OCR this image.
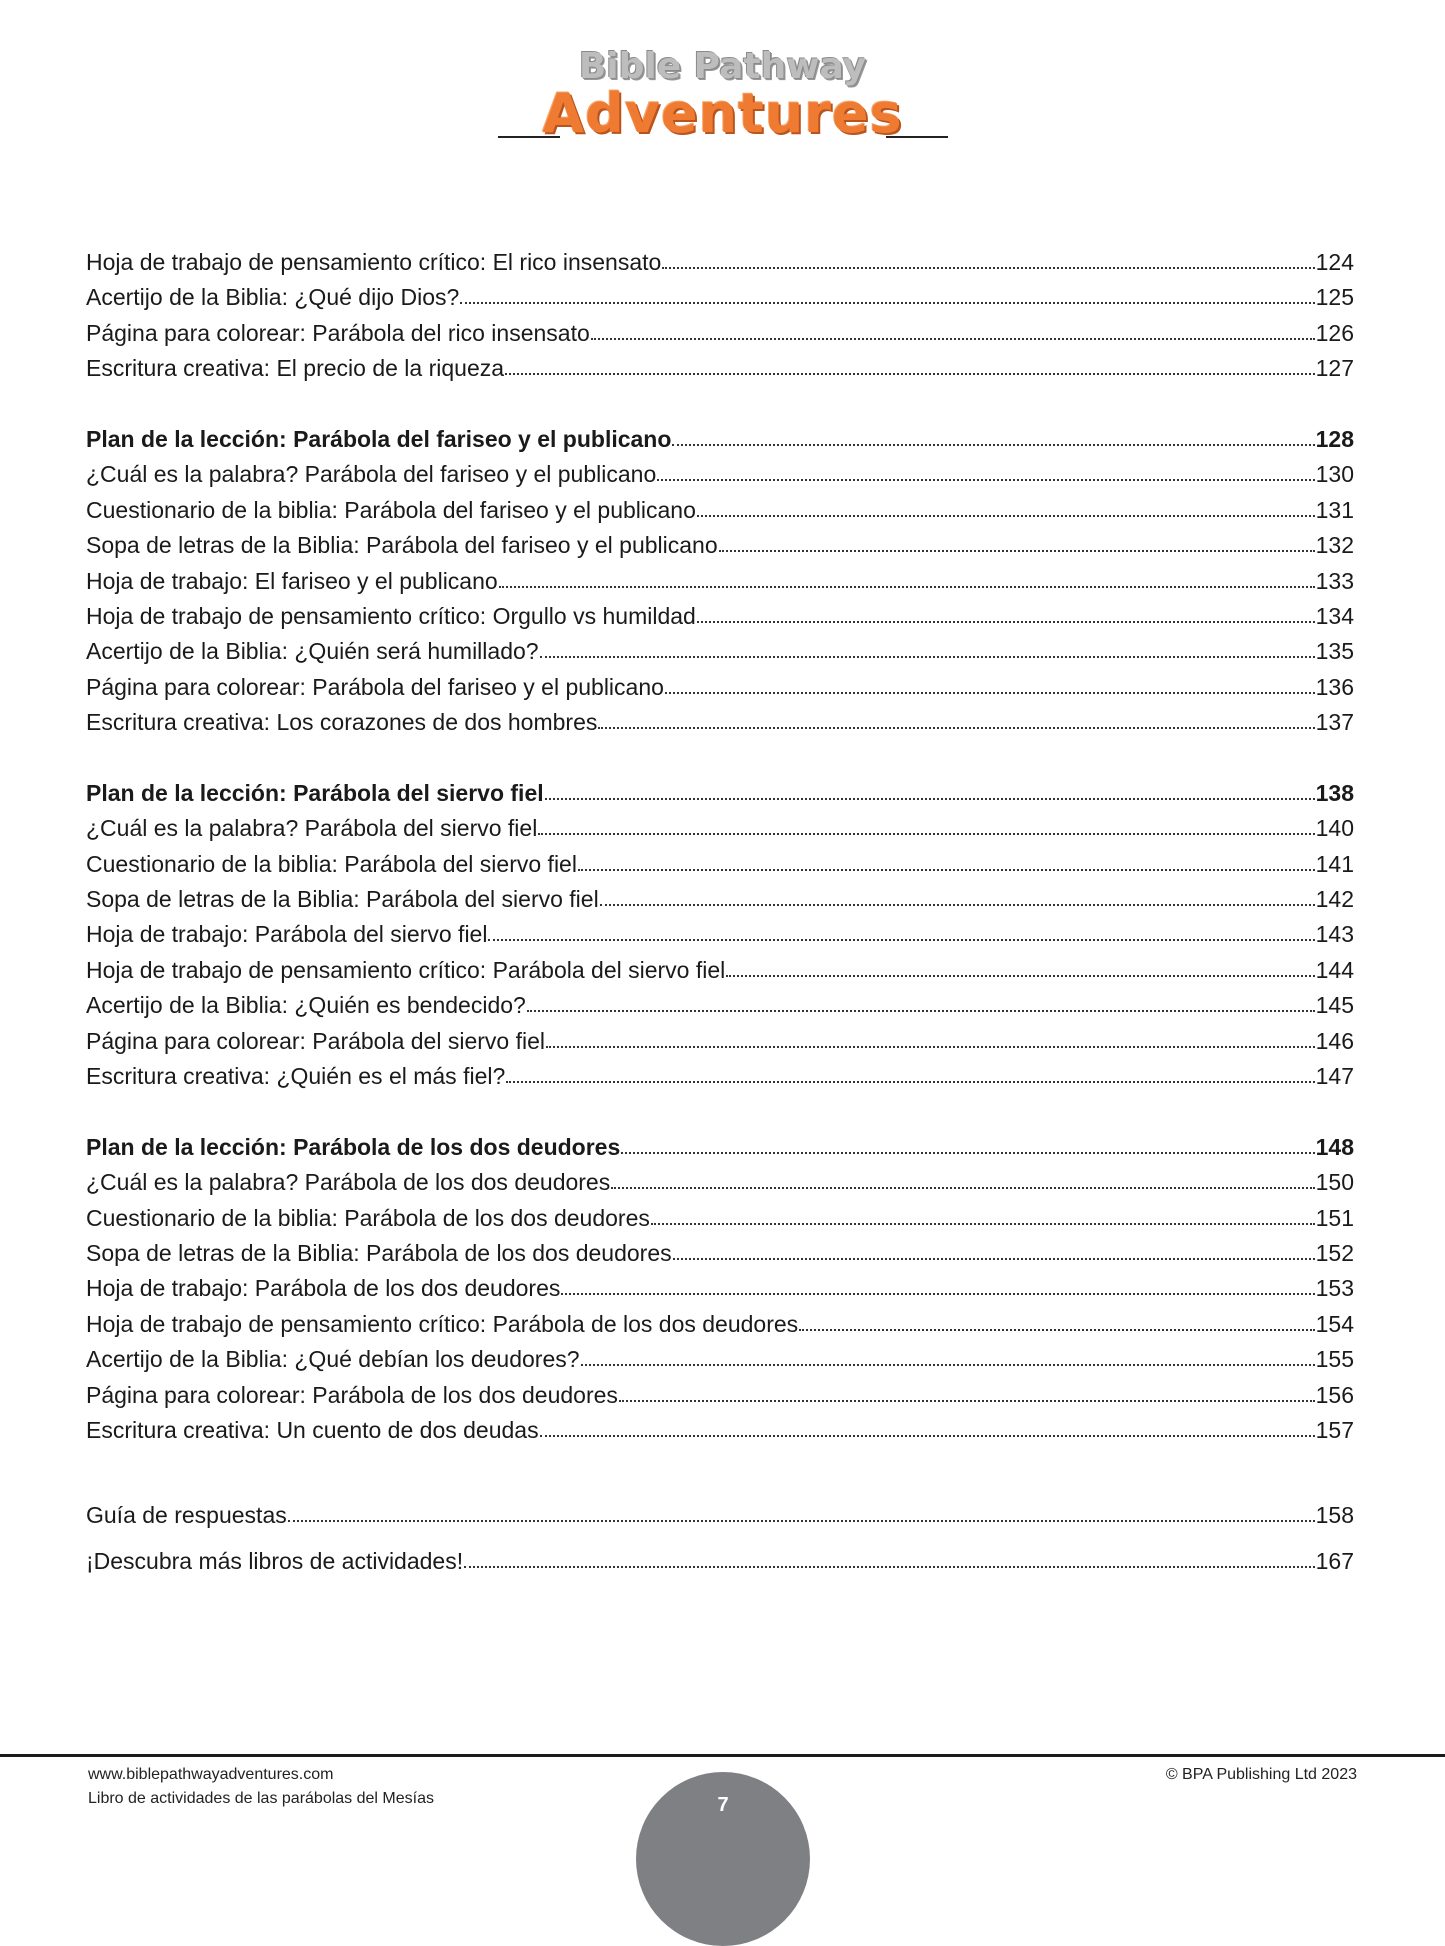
Bible Pathway
Adventures
Hoja de trabajo de pensamiento crítico: El rico insensato	124
Acertijo de la Biblia: ¿Qué dijo Dios?	125
Página para colorear: Parábola del rico insensato	126
Escritura creativa: El precio de la riqueza	127
Plan de la lección: Parábola del fariseo y el publicano	128
¿Cuál es la palabra? Parábola del fariseo y el publicano	130
Cuestionario de la biblia: Parábola del fariseo y el publicano	131
Sopa de letras de la Biblia: Parábola del fariseo y el publicano	132
Hoja de trabajo: El fariseo y el publicano	133
Hoja de trabajo de pensamiento crítico: Orgullo vs humildad	134
Acertijo de la Biblia: ¿Quién será humillado?	135
Página para colorear: Parábola del fariseo y el publicano	136
Escritura creativa: Los corazones de dos hombres	137
Plan de la lección: Parábola del siervo fiel	138
¿Cuál es la palabra? Parábola del siervo fiel	140
Cuestionario de la biblia: Parábola del siervo fiel	141
Sopa de letras de la Biblia: Parábola del siervo fiel	142
Hoja de trabajo: Parábola del siervo fiel	143
Hoja de trabajo de pensamiento crítico: Parábola del siervo fiel	144
Acertijo de la Biblia: ¿Quién es bendecido?	145
Página para colorear: Parábola del siervo fiel	146
Escritura creativa: ¿Quién es el más fiel?	147
Plan de la lección: Parábola de los dos deudores	148
¿Cuál es la palabra? Parábola de los dos deudores	150
Cuestionario de la biblia: Parábola de los dos deudores	151
Sopa de letras de la Biblia: Parábola de los dos deudores	152
Hoja de trabajo: Parábola de los dos deudores	153
Hoja de trabajo de pensamiento crítico: Parábola de los dos deudores	154
Acertijo de la Biblia: ¿Qué debían los deudores?	155
Página para colorear: Parábola de los dos deudores	156
Escritura creativa: Un cuento de dos deudas	157
Guía de respuestas	158
¡Descubra más libros de actividades!	167
www.biblepathwayadventures.com
Libro de actividades de las parábolas del Mesías
© BPA Publishing Ltd 2023
7
